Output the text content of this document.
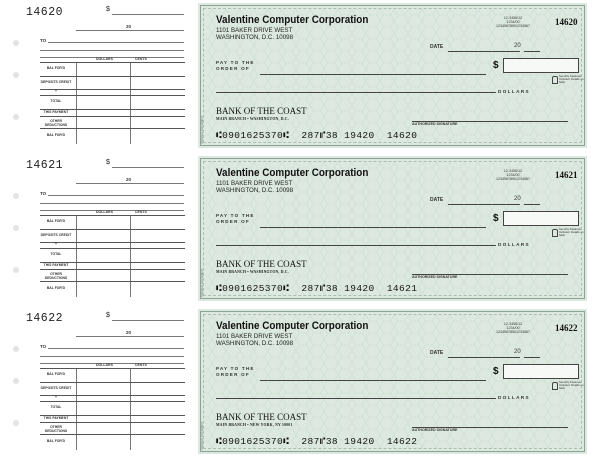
14620	$
20
TO
DOLLARS	CENTS
BAL FOR'D
DEPOSITS CREDIT
+
TOTAL
THIS PAYMENT
OTHER DEDUCTIONS
BAL FOR'D
Valentine Computer Corporation
1101 BAKER DRIVE WEST
WASHINGTON, D.C. 10098
12-3456/12
1234/00
12345678901234567	14620
DATE	20
PAY TO THE
ORDER OF	$
Security Features Included. Details on back.
DOLLARS
BANK OF THE COAST
MAIN BRANCH • WASHINGTON, D.C.
AUTHORIZED SIGNATURE
ORIGINAL DOCUMENT ⑆0901625370⑆  287⑈38 19420  14620
14621	$
20
TO
DOLLARS	CENTS
BAL FOR'D
DEPOSITS CREDIT
+
TOTAL
THIS PAYMENT
OTHER DEDUCTIONS
BAL FOR'D
Valentine Computer Corporation
1101 BAKER DRIVE WEST
WASHINGTON, D.C. 10098
12-3456/12
1234/00
12345678901234567	14621
DATE	20
PAY TO THE
ORDER OF	$
Security Features Included. Details on back.
DOLLARS
BANK OF THE COAST
MAIN BRANCH • WASHINGTON, D.C.
AUTHORIZED SIGNATURE
ORIGINAL DOCUMENT ⑆0901625370⑆  287⑈38 19420  14621
14622	$
20
TO
DOLLARS	CENTS
BAL FOR'D
DEPOSITS CREDIT
+
TOTAL
THIS PAYMENT
OTHER DEDUCTIONS
BAL FOR'D
Valentine Computer Corporation
1101 BAKER DRIVE WEST
WASHINGTON, D.C. 10098
12-3456/12
1234/00
12345678901234567	14622
DATE	20
PAY TO THE
ORDER OF	$
Security Features Included. Details on back.
DOLLARS
BANK OF THE COAST
MAIN BRANCH • NEW YORK, NY 10001
AUTHORIZED SIGNATURE
ORIGINAL DOCUMENT ⑆0901625370⑆  287⑈38 19420  14622
